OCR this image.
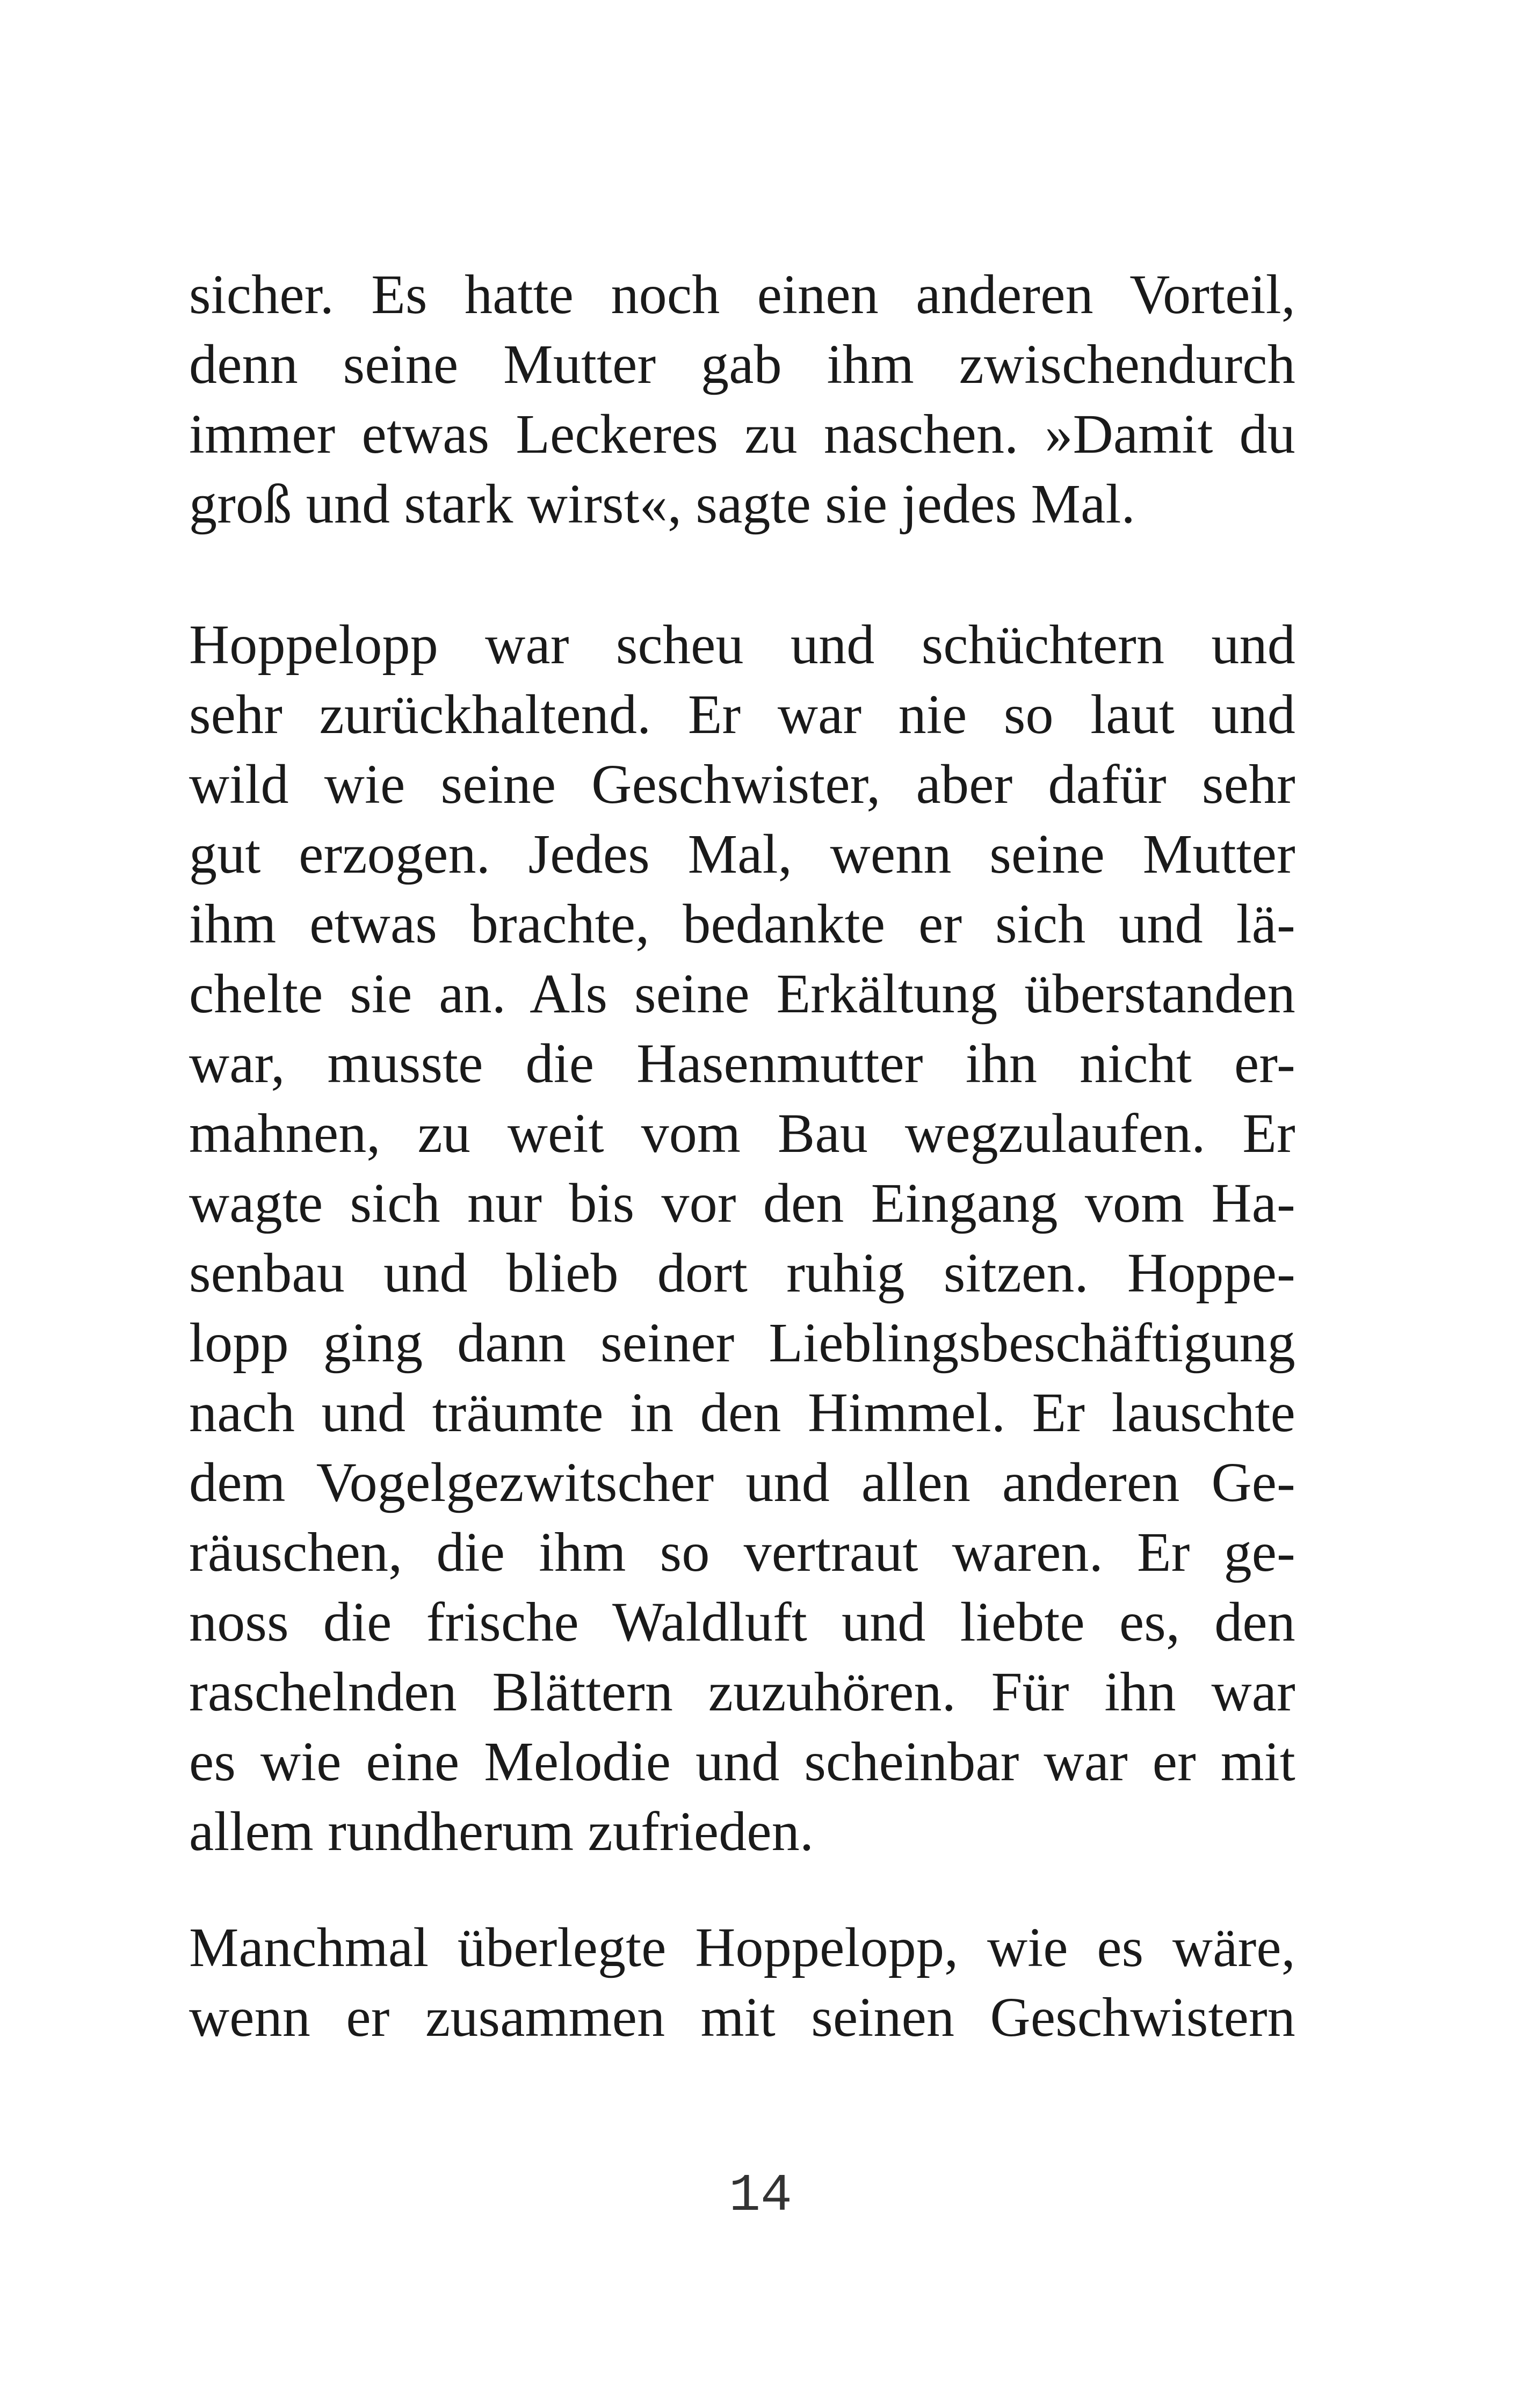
sicher. Es hatte noch einen anderen Vorteil,
denn seine Mutter gab ihm zwischendurch
immer etwas Leckeres zu naschen. »Damit du
groß und stark wirst«, sagte sie jedes Mal.
Hoppelopp war scheu und schüchtern und
sehr zurückhaltend. Er war nie so laut und
wild wie seine Geschwister, aber dafür sehr
gut erzogen. Jedes Mal, wenn seine Mutter
ihm etwas brachte, bedankte er sich und lä-
chelte sie an. Als seine Erkältung überstanden
war, musste die Hasenmutter ihn nicht er-
mahnen, zu weit vom Bau wegzulaufen. Er
wagte sich nur bis vor den Eingang vom Ha-
senbau und blieb dort ruhig sitzen. Hoppe-
lopp ging dann seiner Lieblingsbeschäftigung
nach und träumte in den Himmel. Er lauschte
dem Vogelgezwitscher und allen anderen Ge-
räuschen, die ihm so vertraut waren. Er ge-
noss die frische Waldluft und liebte es, den
raschelnden Blättern zuzuhören. Für ihn war
es wie eine Melodie und scheinbar war er mit
allem rundherum zufrieden.
Manchmal überlegte Hoppelopp, wie es wäre,
wenn er zusammen mit seinen Geschwistern
14
